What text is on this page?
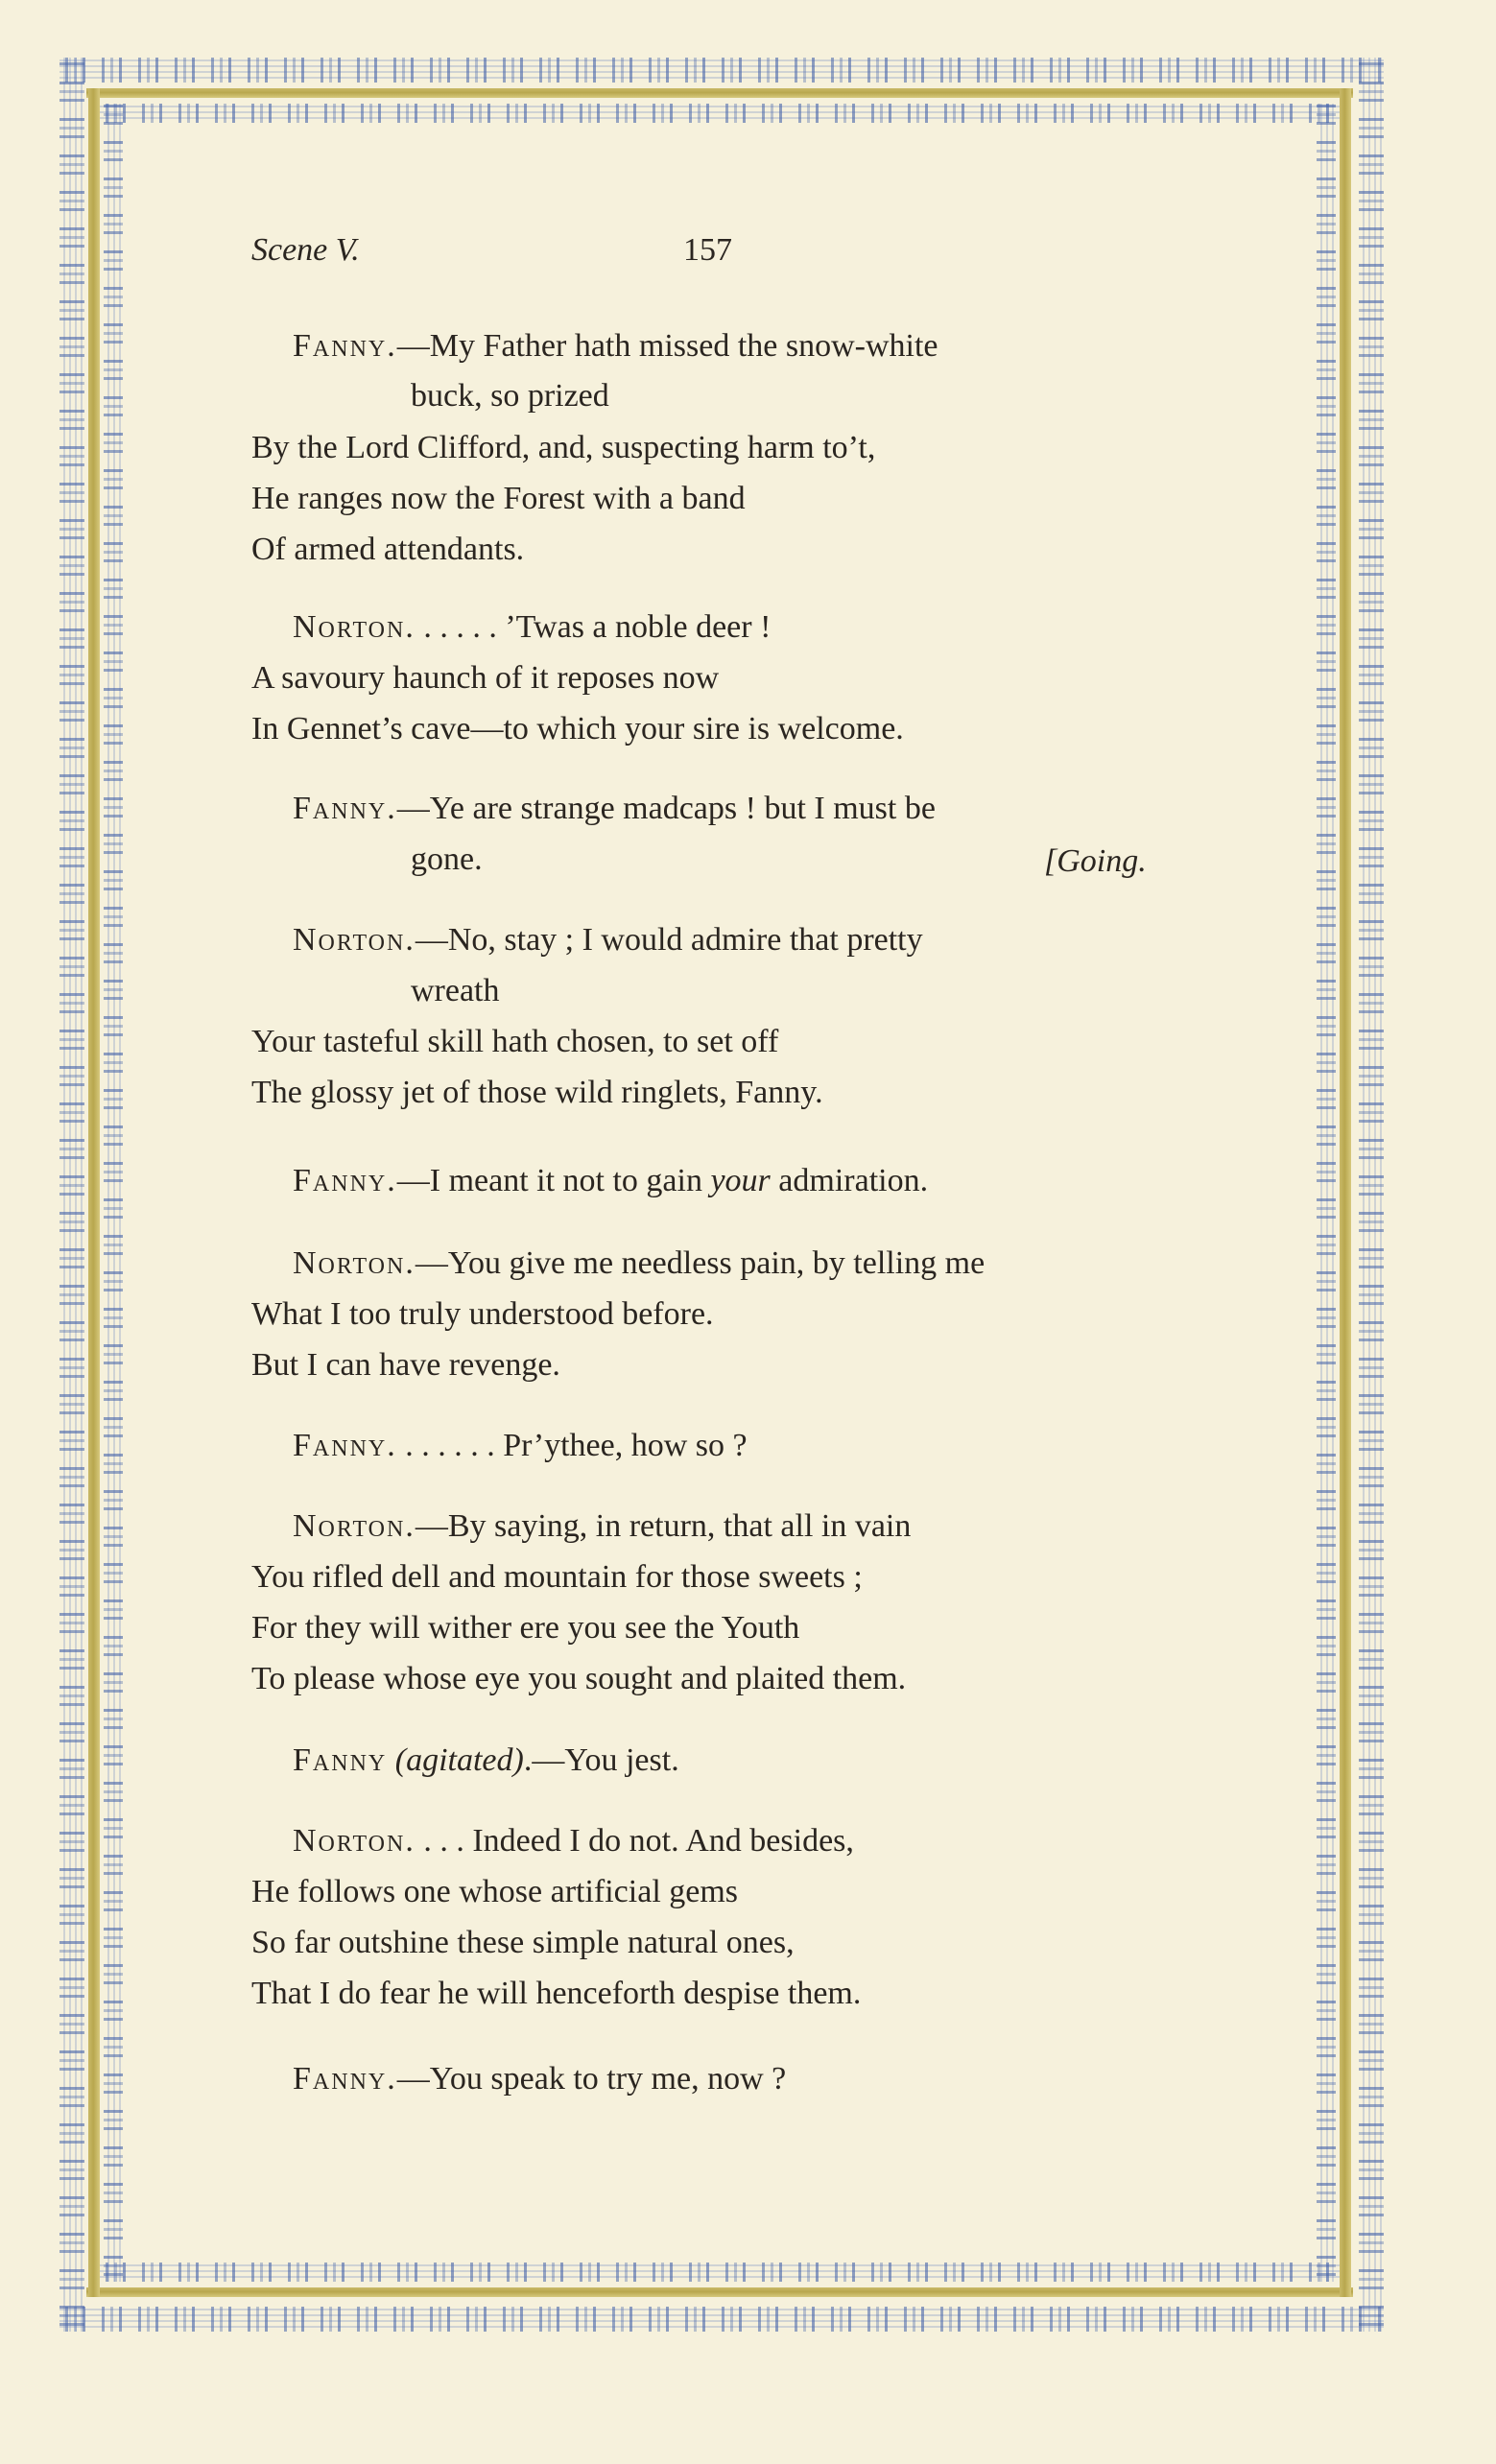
Scene V.	157
Fanny.—My Father hath missed the snow-white
buck, so prized
By the Lord Clifford, and, suspecting harm to’t,
He ranges now the Forest with a band
Of armed attendants.
Norton. . . . . . ’Twas a noble deer !
A savoury haunch of it reposes now
In Gennet’s cave—to which your sire is welcome.
Fanny.—Ye are strange madcaps ! but I must be
gone.	[Going.
Norton.—No, stay ; I would admire that pretty
wreath
Your tasteful skill hath chosen, to set off
The glossy jet of those wild ringlets, Fanny.
Fanny.—I meant it not to gain your admiration.
Norton.—You give me needless pain, by telling me
What I too truly understood before.
But I can have revenge.
Fanny. . . . . . . Pr’ythee, how so ?
Norton.—By saying, in return, that all in vain
You rifled dell and mountain for those sweets ;
For they will wither ere you see the Youth
To please whose eye you sought and plaited them.
Fanny (agitated).—You jest.
Norton. . . . Indeed I do not. And besides,
He follows one whose artificial gems
So far outshine these simple natural ones,
That I do fear he will henceforth despise them.
Fanny.—You speak to try me, now ?
